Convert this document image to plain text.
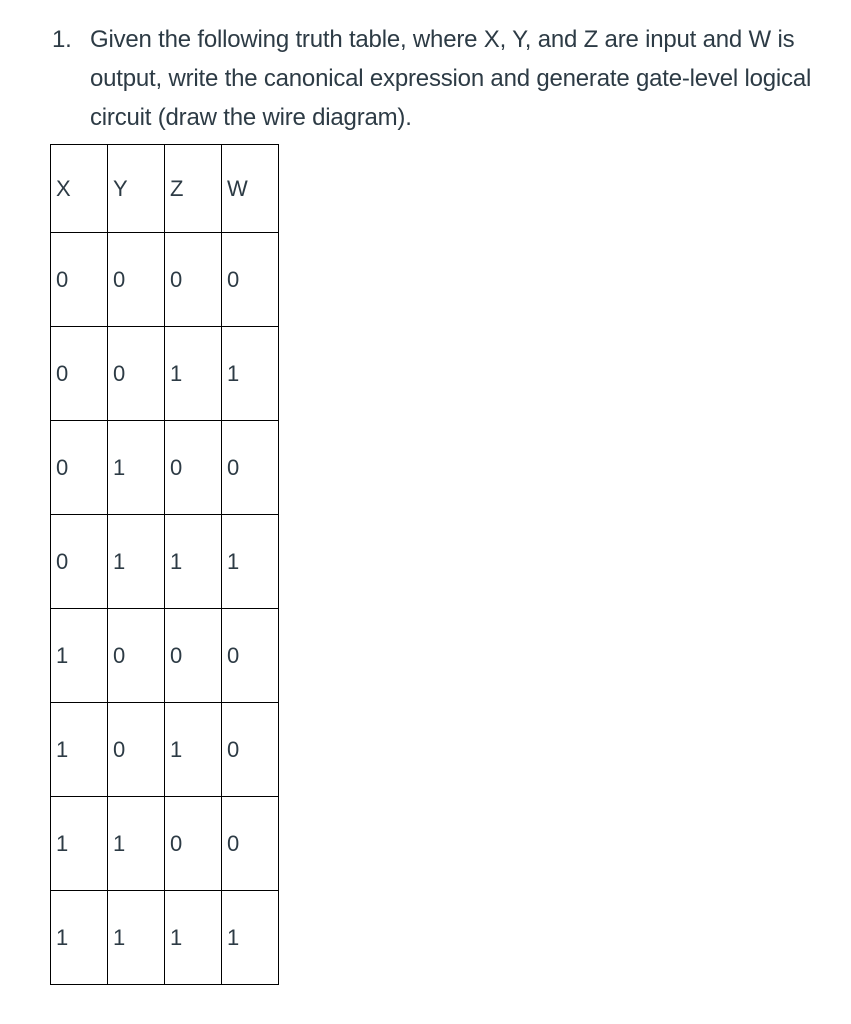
1. Given the following truth table, where X, Y, and Z are input and W is output, write the canonical expression and generate gate-level logical circuit (draw the wire diagram).
X	Y	Z	W
0	0	0	0
0	0	1	1
0	1	0	0
0	1	1	1
1	0	0	0
1	0	1	0
1	1	0	0
1	1	1	1
